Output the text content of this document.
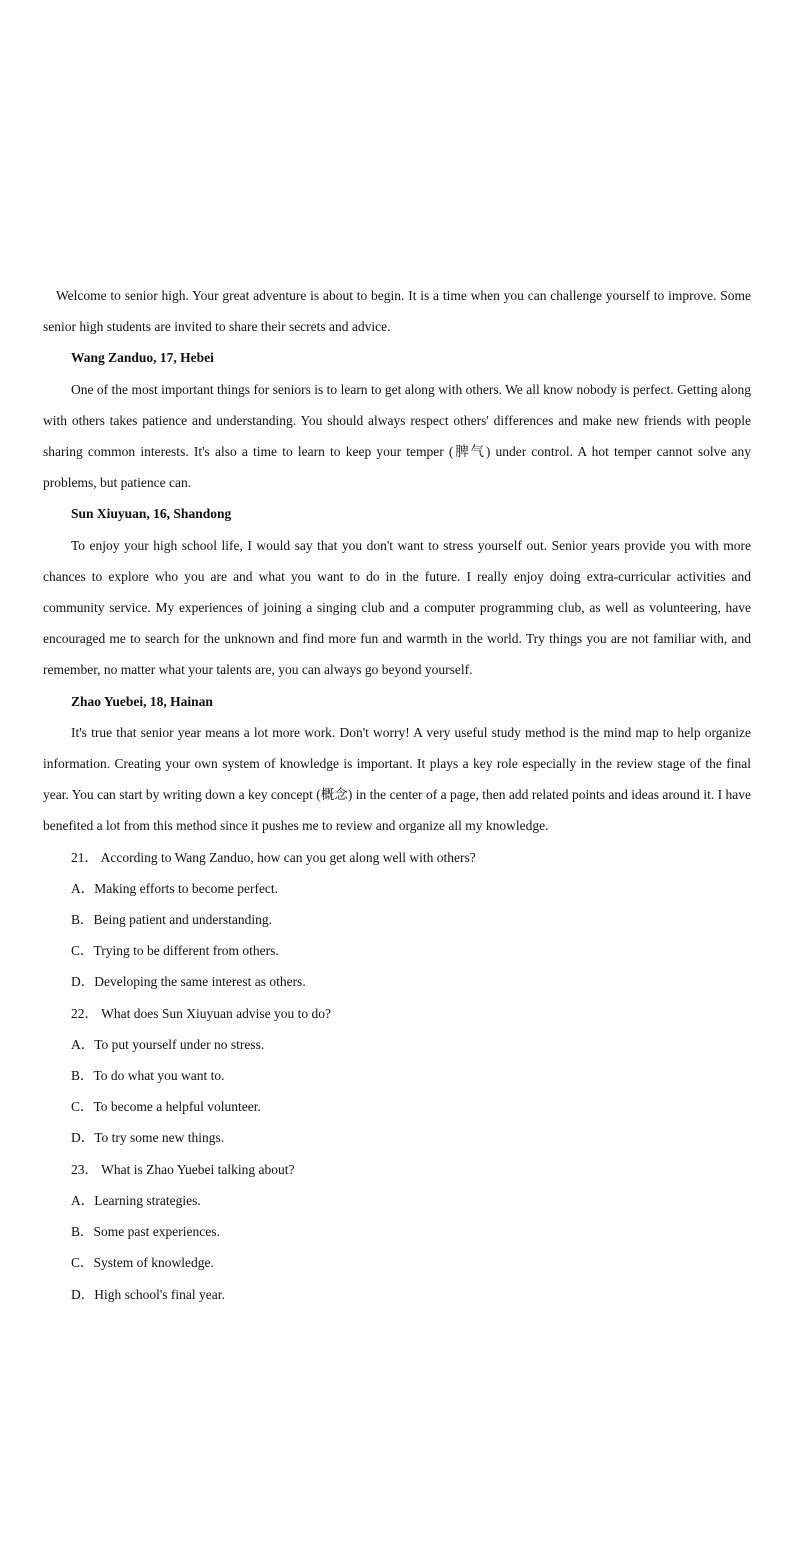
Welcome to senior high. Your great adventure is about to begin. It is a time when you can challenge yourself to improve. Some senior high students are invited to share their secrets and advice.

Wang Zanduo, 17, Hebei

One of the most important things for seniors is to learn to get along with others. We all know nobody is perfect. Getting along with others takes patience and understanding. You should always respect others' differences and make new friends with people sharing common interests. It's also a time to learn to keep your temper (脾气) under control. A hot temper cannot solve any problems, but patience can.

Sun Xiuyuan, 16, Shandong

To enjoy your high school life, I would say that you don't want to stress yourself out. Senior years provide you with more chances to explore who you are and what you want to do in the future. I really enjoy doing extra-curricular activities and community service. My experiences of joining a singing club and a computer programming club, as well as volunteering, have encouraged me to search for the unknown and find more fun and warmth in the world. Try things you are not familiar with, and remember, no matter what your talents are, you can always go beyond yourself.

Zhao Yuebei, 18, Hainan

It's true that senior year means a lot more work. Don't worry! A very useful study method is the mind map to help organize information. Creating your own system of knowledge is important. It plays a key role especially in the review stage of the final year. You can start by writing down a key concept (概念) in the center of a page, then add related points and ideas around it. I have benefited a lot from this method since it pushes me to review and organize all my knowledge.

21． According to Wang Zanduo, how can you get along well with others?

A．Making efforts to become perfect.

B．Being patient and understanding.

C．Trying to be different from others.

D．Developing the same interest as others.

22． What does Sun Xiuyuan advise you to do?

A．To put yourself under no stress.

B．To do what you want to.

C．To become a helpful volunteer.

D．To try some new things.

23． What is Zhao Yuebei talking about?

A．Learning strategies.

B．Some past experiences.

C．System of knowledge.

D．High school's final year.
